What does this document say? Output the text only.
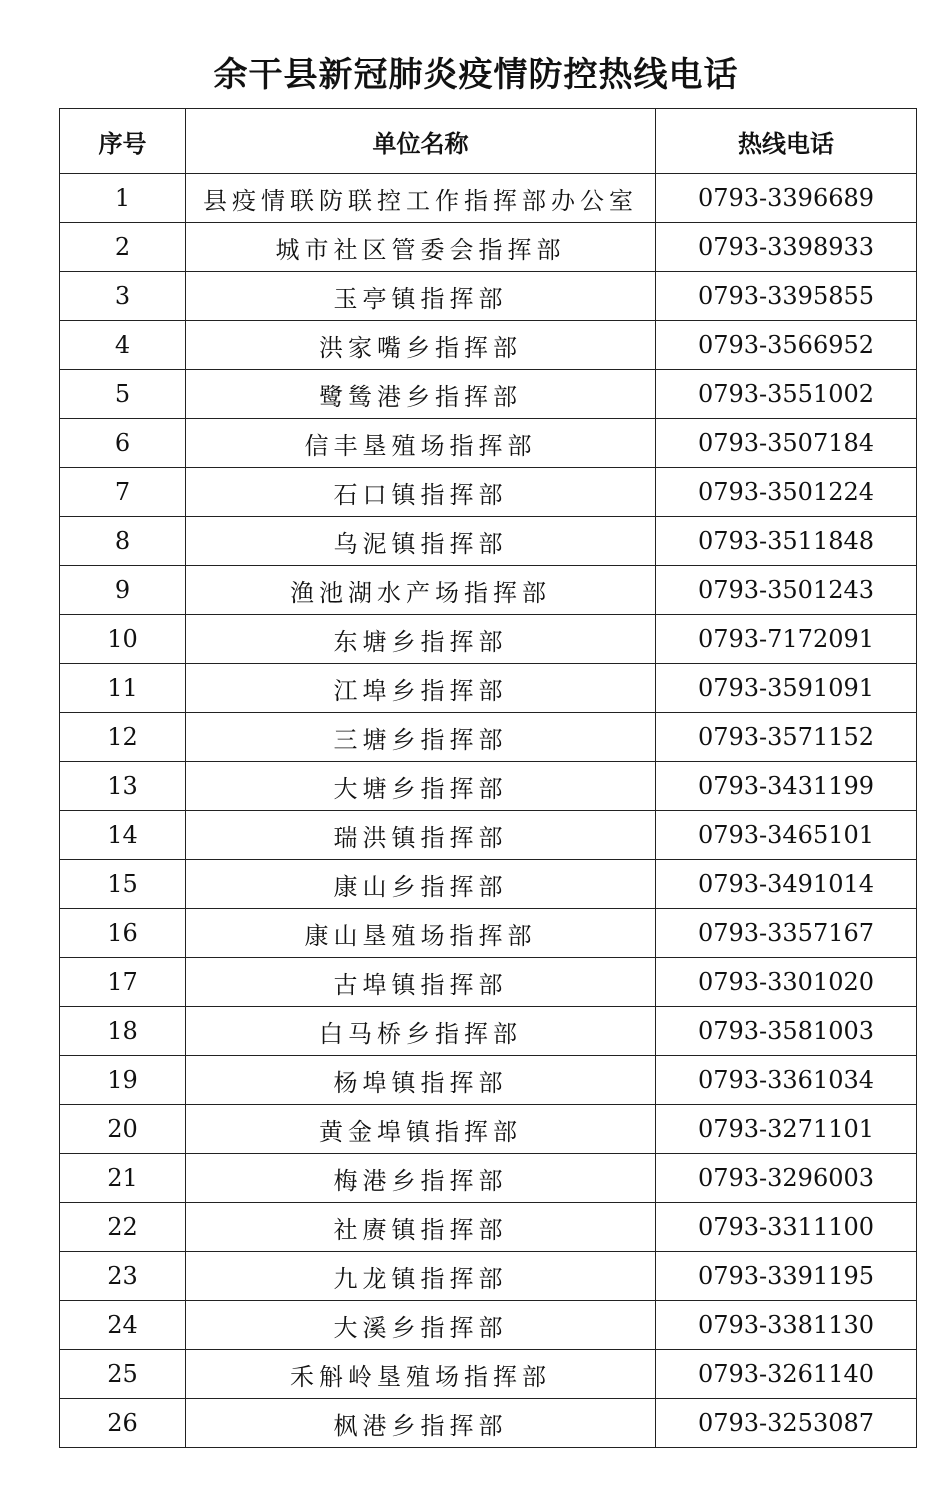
余干县新冠肺炎疫情防控热线电话
序号	单位名称	热线电话
1	县疫情联防联控工作指挥部办公室	0793-3396689
2	城市社区管委会指挥部	0793-3398933
3	玉亭镇指挥部	0793-3395855
4	洪家嘴乡指挥部	0793-3566952
5	鹭鸶港乡指挥部	0793-3551002
6	信丰垦殖场指挥部	0793-3507184
7	石口镇指挥部	0793-3501224
8	乌泥镇指挥部	0793-3511848
9	渔池湖水产场指挥部	0793-3501243
10	东塘乡指挥部	0793-7172091
11	江埠乡指挥部	0793-3591091
12	三塘乡指挥部	0793-3571152
13	大塘乡指挥部	0793-3431199
14	瑞洪镇指挥部	0793-3465101
15	康山乡指挥部	0793-3491014
16	康山垦殖场指挥部	0793-3357167
17	古埠镇指挥部	0793-3301020
18	白马桥乡指挥部	0793-3581003
19	杨埠镇指挥部	0793-3361034
20	黄金埠镇指挥部	0793-3271101
21	梅港乡指挥部	0793-3296003
22	社赓镇指挥部	0793-3311100
23	九龙镇指挥部	0793-3391195
24	大溪乡指挥部	0793-3381130
25	禾斛岭垦殖场指挥部	0793-3261140
26	枫港乡指挥部	0793-3253087
